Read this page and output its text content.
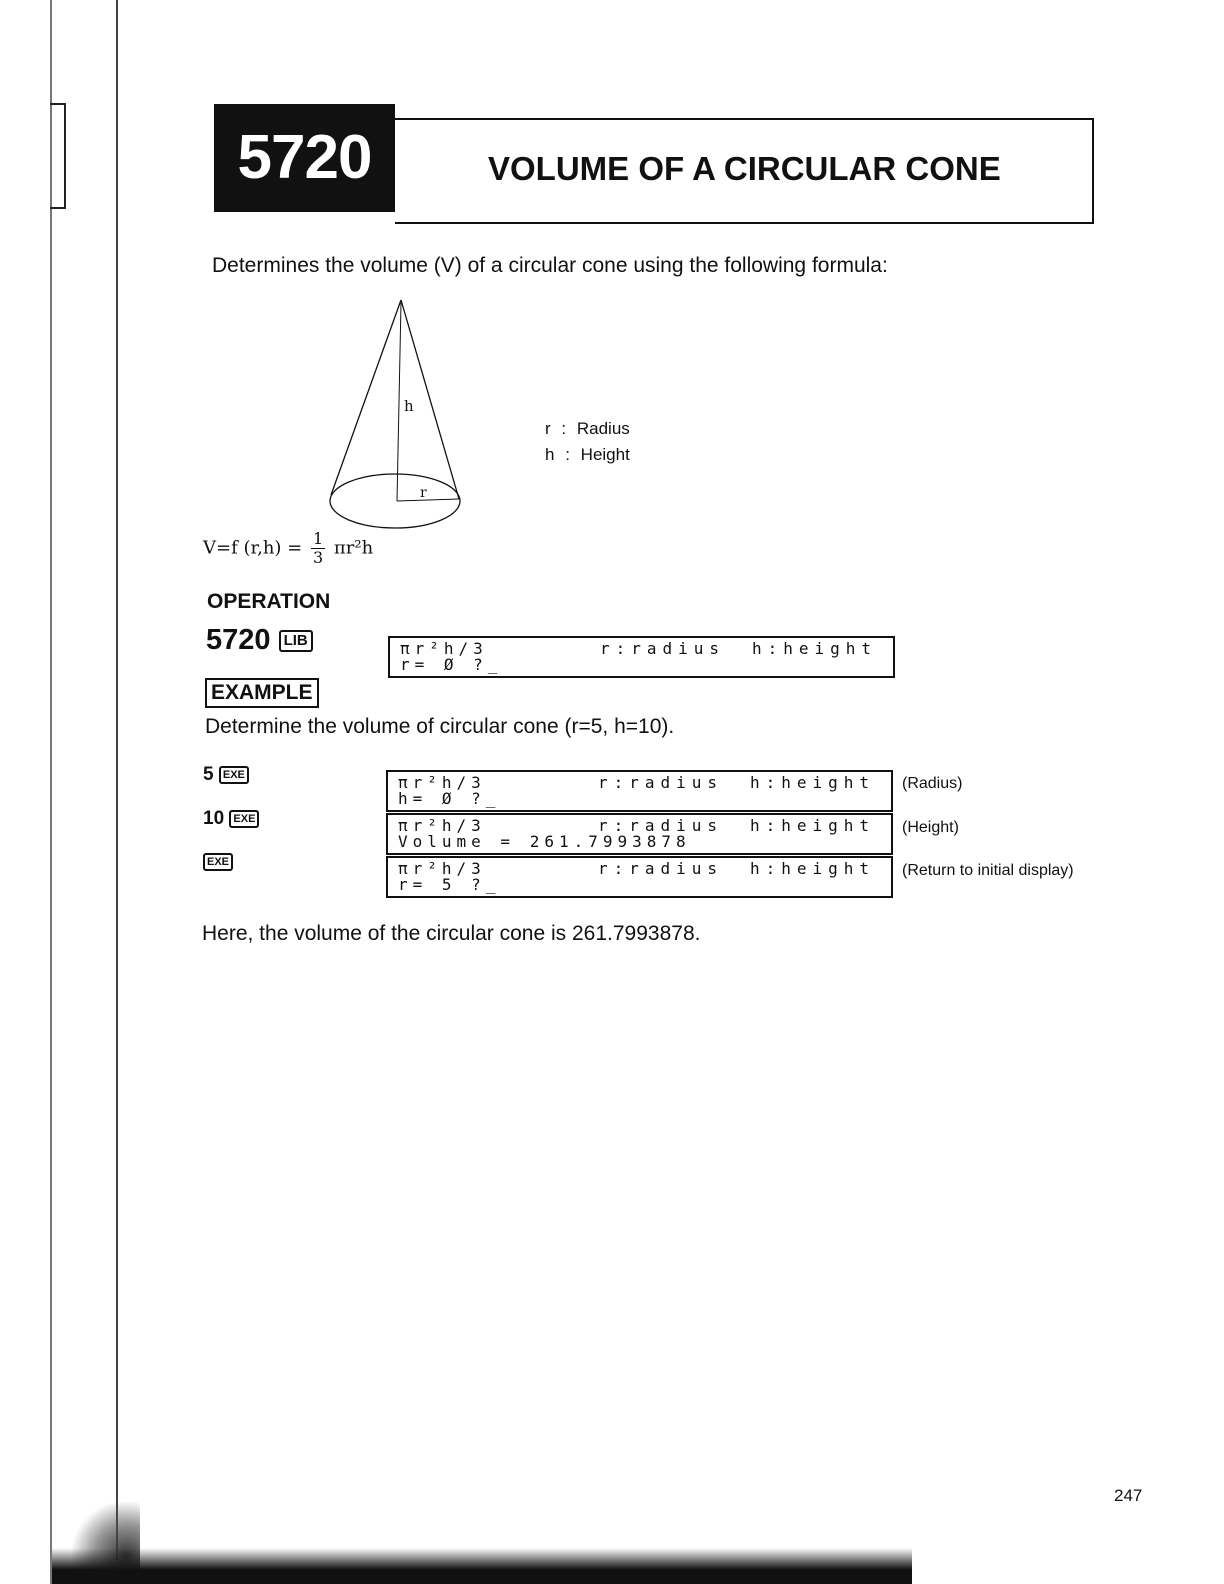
5720	VOLUME OF A CIRCULAR CONE
Determines the volume (V) of a circular cone using the following formula:
h
r
r : Radius
h : Height
V=f $(r,h) = \frac{1}{3} \pi r^2h$
OPERATION
5720 LIB	πr²h/3
r= Ø ?_
r:radius h:height
EXAMPLE
Determine the volume of circular cone (r=5, h=10).
5 EXE	πr²h/3
h= Ø ?_
r:radius h:height (Radius)
10 EXE	πr²h/3
Volume = 261.7993878
r:radius h:height (Height)
EXE	πr²h/3
r= 5 ?_
r:radius h:height (Return to initial display)
Here, the volume of the circular cone is 261.7993878.
247
